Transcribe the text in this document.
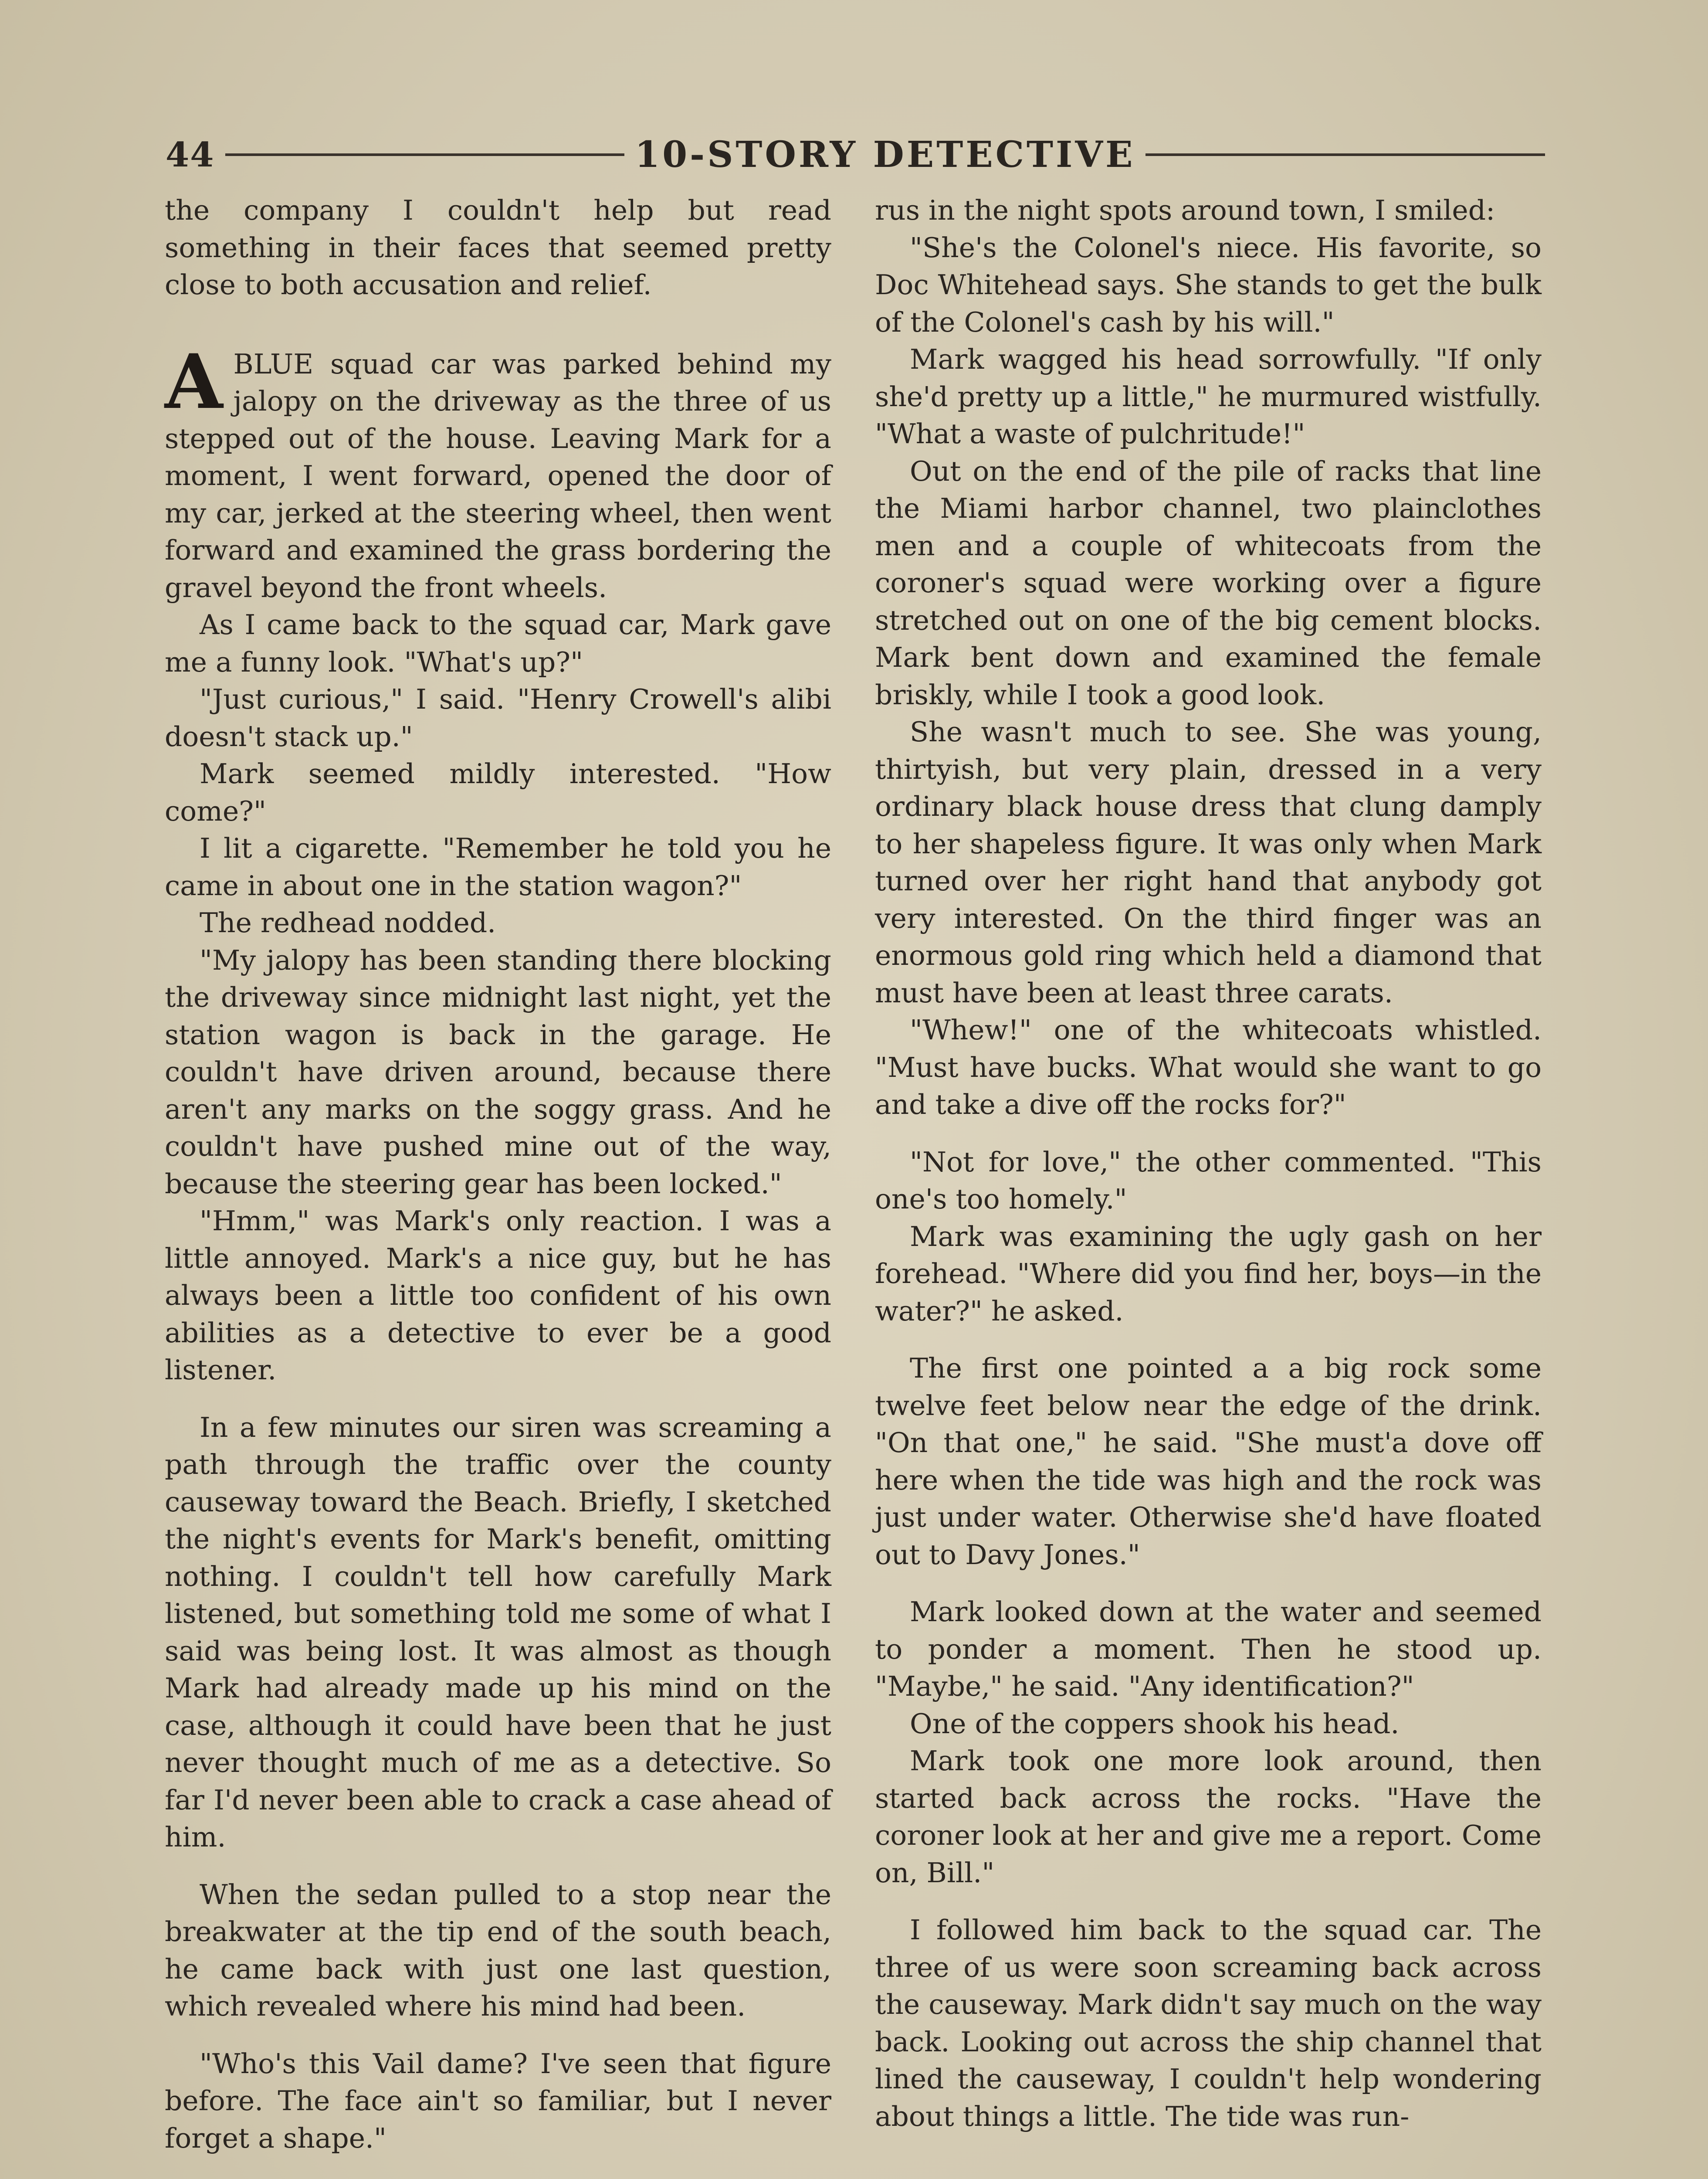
44	10-STORY DETECTIVE

the company I couldn't help but read something in their faces that seemed pretty close to both accusation and relief.

ABLUE squad car was parked behind my jalopy on the driveway as the three of us stepped out of the house. Leaving Mark for a moment, I went forward, opened the door of my car, jerked at the steering wheel, then went forward and examined the grass bordering the gravel beyond the front wheels.

As I came back to the squad car, Mark gave me a funny look. "What's up?"

"Just curious," I said. "Henry Crowell's alibi doesn't stack up."

Mark seemed mildly interested. "How come?"

I lit a cigarette. "Remember he told you he came in about one in the station wagon?"

The redhead nodded.

"My jalopy has been standing there blocking the driveway since midnight last night, yet the station wagon is back in the garage. He couldn't have driven around, because there aren't any marks on the soggy grass. And he couldn't have pushed mine out of the way, because the steering gear has been locked."

"Hmm," was Mark's only reaction. I was a little annoyed. Mark's a nice guy, but he has always been a little too confident of his own abilities as a detective to ever be a good listener.

In a few minutes our siren was screaming a path through the traffic over the county causeway toward the Beach. Briefly, I sketched the night's events for Mark's benefit, omitting nothing. I couldn't tell how carefully Mark listened, but something told me some of what I said was being lost. It was almost as though Mark had already made up his mind on the case, although it could have been that he just never thought much of me as a detective. So far I'd never been able to crack a case ahead of him.

When the sedan pulled to a stop near the breakwater at the tip end of the south beach, he came back with just one last question, which revealed where his mind had been.

"Who's this Vail dame? I've seen that figure before. The face ain't so familiar, but I never forget a shape."

rus in the night spots around town, I smiled:

"She's the Colonel's niece. His favorite, so Doc Whitehead says. She stands to get the bulk of the Colonel's cash by his will."

Mark wagged his head sorrowfully. "If only she'd pretty up a little," he murmured wistfully. "What a waste of pulchritude!"

Out on the end of the pile of racks that line the Miami harbor channel, two plainclothes men and a couple of whitecoats from the coroner's squad were working over a figure stretched out on one of the big cement blocks. Mark bent down and examined the female briskly, while I took a good look.

She wasn't much to see. She was young, thirtyish, but very plain, dressed in a very ordinary black house dress that clung damply to her shapeless figure. It was only when Mark turned over her right hand that anybody got very interested. On the third finger was an enormous gold ring which held a diamond that must have been at least three carats.

"Whew!" one of the whitecoats whistled. "Must have bucks. What would she want to go and take a dive off the rocks for?"

"Not for love," the other commented. "This one's too homely."

Mark was examining the ugly gash on her forehead. "Where did you find her, boys—in the water?" he asked.

The first one pointed a a big rock some twelve feet below near the edge of the drink. "On that one," he said. "She must'a dove off here when the tide was high and the rock was just under water. Otherwise she'd have floated out to Davy Jones."

Mark looked down at the water and seemed to ponder a moment. Then he stood up. "Maybe," he said. "Any identification?"

One of the coppers shook his head.

Mark took one more look around, then started back across the rocks. "Have the coroner look at her and give me a report. Come on, Bill."

I followed him back to the squad car. The three of us were soon screaming back across the causeway. Mark didn't say much on the way back. Looking out across the ship channel that lined the causeway, I couldn't help wondering about things a little. The tide was run-
